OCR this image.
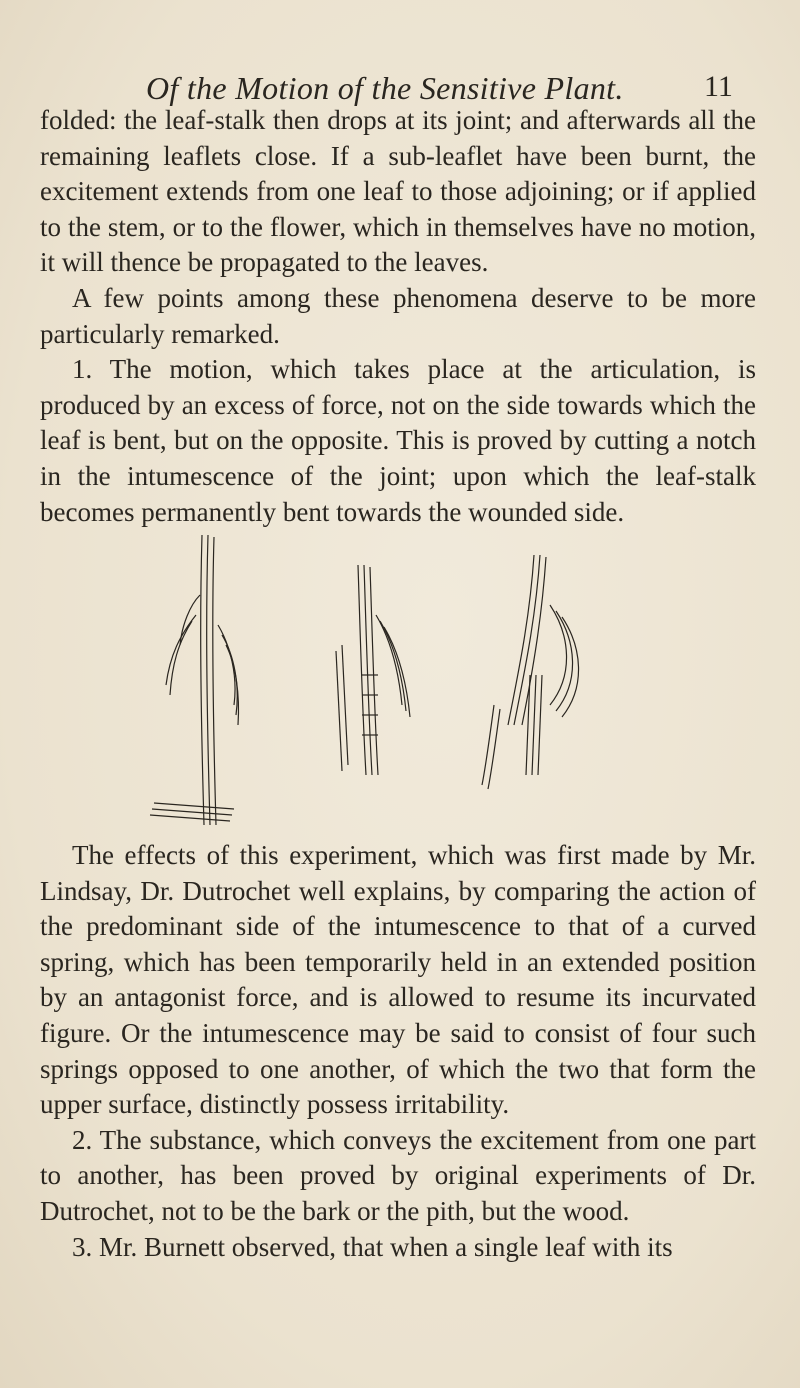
Of the Motion of the Sensitive Plant.	11

folded: the leaf-stalk then drops at its joint; and afterwards all the remaining leaflets close. If a sub-leaflet have been burnt, the excitement extends from one leaf to those adjoining; or if applied to the stem, or to the flower, which in themselves have no motion, it will thence be propagated to the leaves.

A few points among these phenomena deserve to be more particularly remarked.

1. The motion, which takes place at the articulation, is produced by an excess of force, not on the side towards which the leaf is bent, but on the opposite. This is proved by cutting a notch in the intumescence of the joint; upon which the leaf-stalk becomes permanently bent towards the wounded side.

The effects of this experiment, which was first made by Mr. Lindsay, Dr. Dutrochet well explains, by comparing the action of the predominant side of the intumescence to that of a curved spring, which has been temporarily held in an extended position by an antagonist force, and is allowed to resume its incurvated figure. Or the intumescence may be said to consist of four such springs opposed to one another, of which the two that form the upper surface, distinctly possess irritability.

2. The substance, which conveys the excitement from one part to another, has been proved by original experiments of Dr. Dutrochet, not to be the bark or the pith, but the wood.

3. Mr. Burnett observed, that when a single leaf with its
